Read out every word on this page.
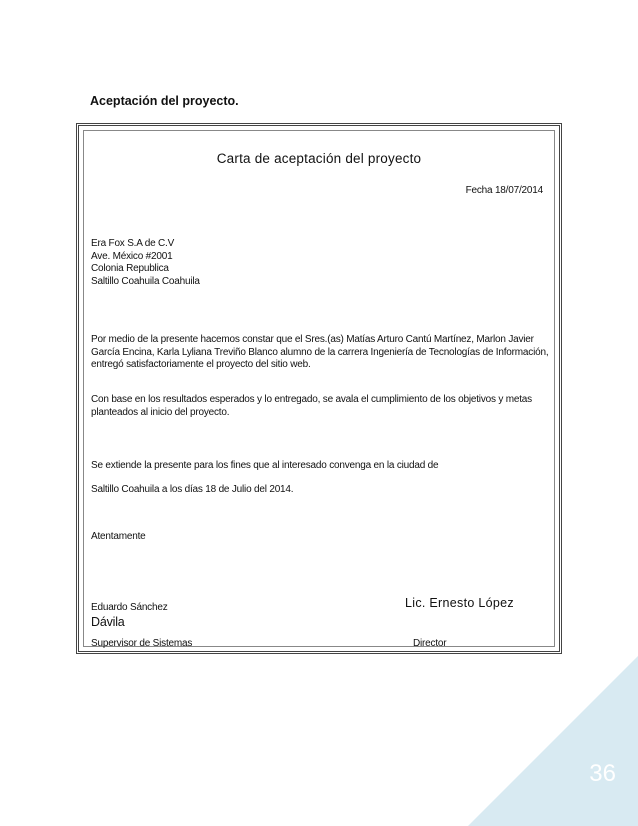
Aceptación del proyecto.
Carta de aceptación del proyecto
Fecha 18/07/2014
Era Fox S.A de C.V
Ave. México #2001
Colonia Republica
Saltillo Coahuila Coahuila
Por medio de la presente hacemos constar que el Sres.(as) Matías Arturo Cantú Martínez, Marlon Javier García Encina, Karla Lyliana Treviño Blanco alumno de la carrera Ingeniería de Tecnologías de Información, entregó satisfactoriamente el proyecto del sitio web.
Con base en los resultados esperados y lo entregado, se avala el cumplimiento de los objetivos y metas planteados al inicio del proyecto.
Se extiende la presente para los fines que al interesado convenga en la ciudad de
Saltillo Coahuila a los días 18 de Julio del 2014.
Atentamente
Eduardo Sánchez	Lic. Ernesto López
Dávila
Supervisor de Sistemas	Director
36
